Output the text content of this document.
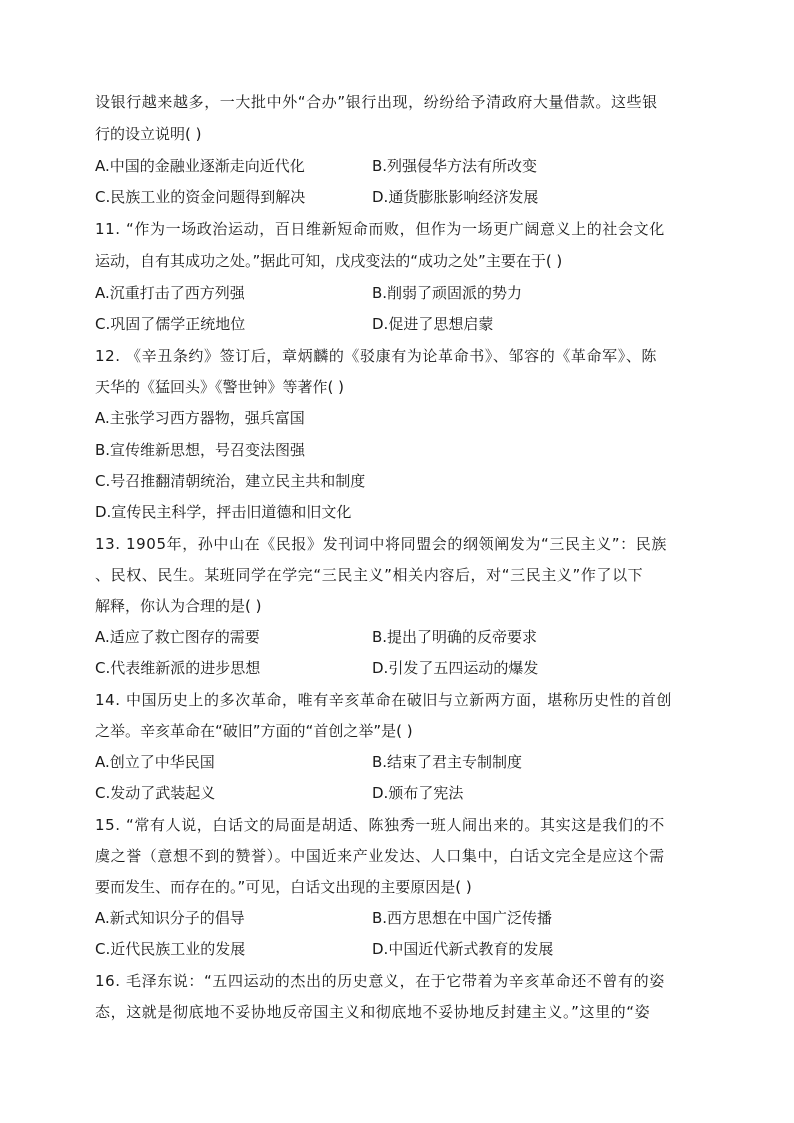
设银行越来越多，一大批中外“合办”银行出现，纷纷给予清政府大量借款。这些银
行的设立说明( )
A.中国的金融业逐渐走向近代化	B.列强侵华方法有所改变
C.民族工业的资金问题得到解决	D.通货膨胀影响经济发展
11. “作为一场政治运动，百日维新短命而败，但作为一场更广阔意义上的社会文化
运动，自有其成功之处。”据此可知，戊戌变法的“成功之处”主要在于( )
A.沉重打击了西方列强	B.削弱了顽固派的势力
C.巩固了儒学正统地位	D.促进了思想启蒙
12. 《辛丑条约》签订后，章炳麟的《驳康有为论革命书》、邹容的《革命军》、陈
天华的《猛回头》《警世钟》等著作( )
A.主张学习西方器物，强兵富国
B.宣传维新思想，号召变法图强
C.号召推翻清朝统治，建立民主共和制度
D.宣传民主科学，抨击旧道德和旧文化
13. 1905年，孙中山在《民报》发刊词中将同盟会的纲领阐发为“三民主义”：民族
、民权、民生。某班同学在学完“三民主义”相关内容后，对“三民主义”作了以下
解释，你认为合理的是( )
A.适应了救亡图存的需要	B.提出了明确的反帝要求
C.代表维新派的进步思想	D.引发了五四运动的爆发
14. 中国历史上的多次革命，唯有辛亥革命在破旧与立新两方面，堪称历史性的首创
之举。辛亥革命在“破旧”方面的“首创之举”是( )
A.创立了中华民国	B.结束了君主专制制度
C.发动了武装起义	D.颁布了宪法
15. “常有人说，白话文的局面是胡适、陈独秀一班人闹出来的。其实这是我们的不
虞之誉（意想不到的赞誉）。中国近来产业发达、人口集中，白话文完全是应这个需
要而发生、而存在的。”可见，白话文出现的主要原因是( )
A.新式知识分子的倡导	B.西方思想在中国广泛传播
C.近代民族工业的发展	D.中国近代新式教育的发展
16. 毛泽东说：“五四运动的杰出的历史意义，在于它带着为辛亥革命还不曾有的姿
态，这就是彻底地不妥协地反帝国主义和彻底地不妥协地反封建主义。”这里的“姿
